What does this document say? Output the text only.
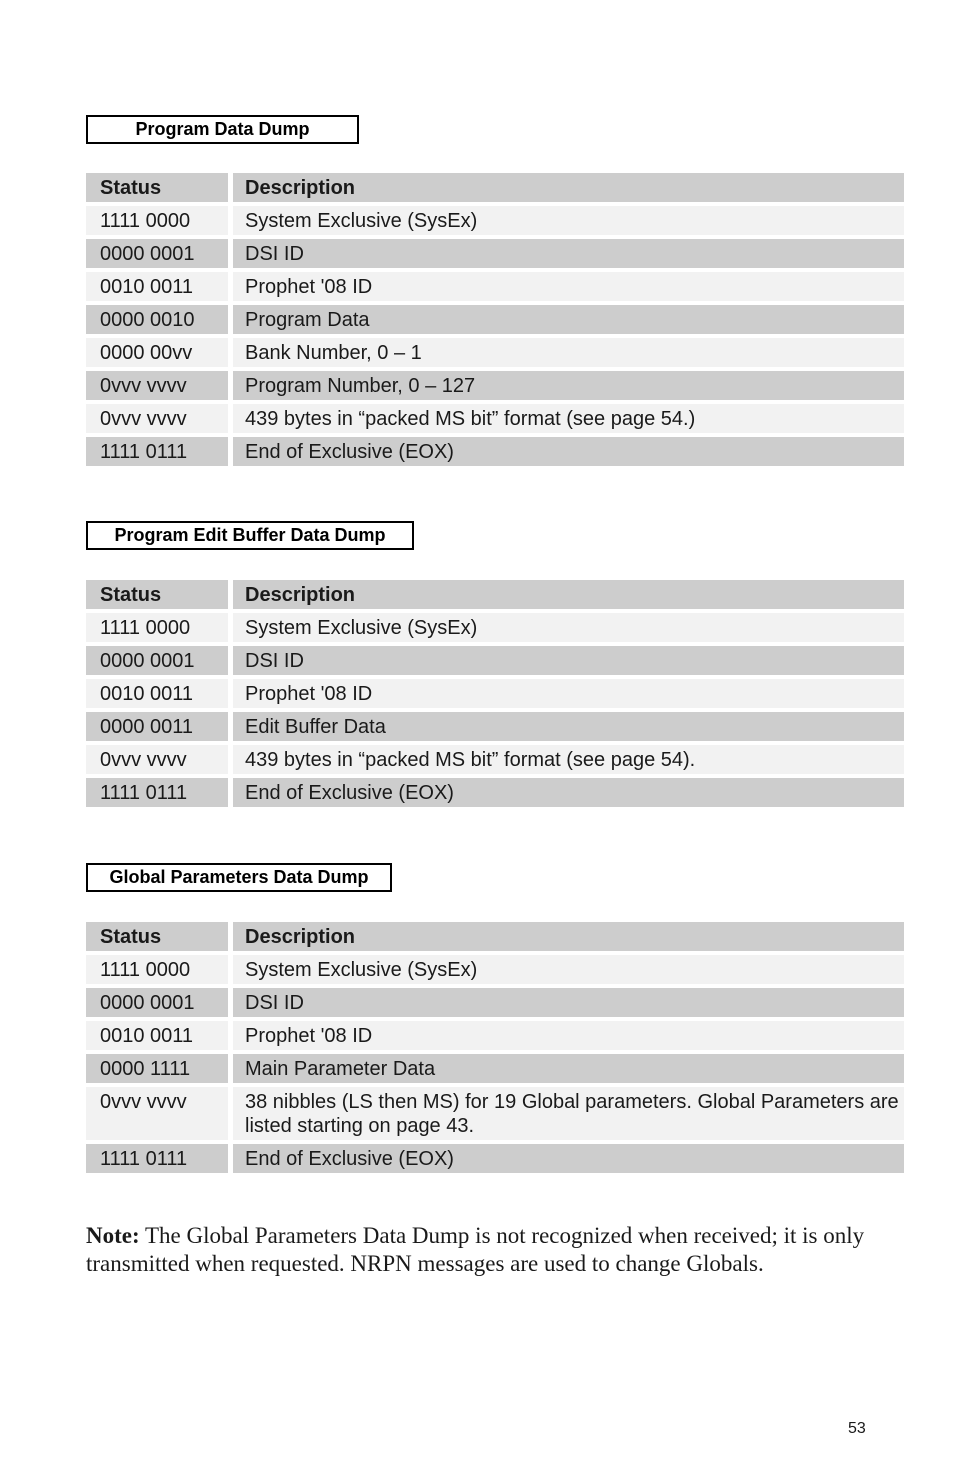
Program Data Dump
Status	Description
1111 0000	System Exclusive (SysEx)
0000 0001	DSI ID
0010 0011	Prophet '08 ID
0000 0010	Program Data
0000 00vv	Bank Number, 0 – 1
0vvv vvvv	Program Number, 0 – 127
0vvv vvvv	439 bytes in “packed MS bit” format (see page 54.)
1111 0111	End of Exclusive (EOX)
Program Edit Buffer Data Dump
Status	Description
1111 0000	System Exclusive (SysEx)
0000 0001	DSI ID
0010 0011	Prophet '08 ID
0000 0011	Edit Buffer Data
0vvv vvvv	439 bytes in “packed MS bit” format (see page 54).
1111 0111	End of Exclusive (EOX)
Global Parameters Data Dump
Status	Description
1111 0000	System Exclusive (SysEx)
0000 0001	DSI ID
0010 0011	Prophet '08 ID
0000 1111	Main Parameter Data
0vvv vvvv	38 nibbles (LS then MS) for 19 Global parameters. Global Parameters are listed starting on page 43.
1111 0111	End of Exclusive (EOX)
Note: The Global Parameters Data Dump is not recognized when received; it is only transmitted when requested. NRPN messages are used to change Globals.
53
